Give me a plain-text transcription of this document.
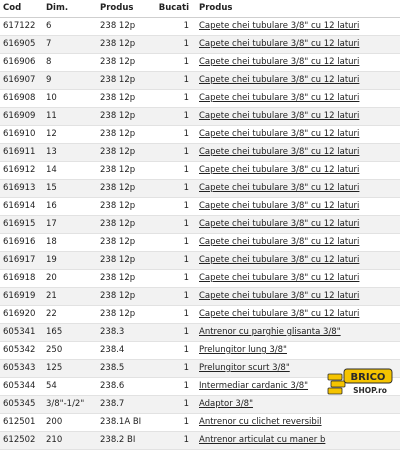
Cod	Dim.	Produs	Bucati	Produs
617122	6	238 12p	1	Capete chei tubulare 3/8" cu 12 laturi
616905	7	238 12p	1	Capete chei tubulare 3/8" cu 12 laturi
616906	8	238 12p	1	Capete chei tubulare 3/8" cu 12 laturi
616907	9	238 12p	1	Capete chei tubulare 3/8" cu 12 laturi
616908	10	238 12p	1	Capete chei tubulare 3/8" cu 12 laturi
616909	11	238 12p	1	Capete chei tubulare 3/8" cu 12 laturi
616910	12	238 12p	1	Capete chei tubulare 3/8" cu 12 laturi
616911	13	238 12p	1	Capete chei tubulare 3/8" cu 12 laturi
616912	14	238 12p	1	Capete chei tubulare 3/8" cu 12 laturi
616913	15	238 12p	1	Capete chei tubulare 3/8" cu 12 laturi
616914	16	238 12p	1	Capete chei tubulare 3/8" cu 12 laturi
616915	17	238 12p	1	Capete chei tubulare 3/8" cu 12 laturi
616916	18	238 12p	1	Capete chei tubulare 3/8" cu 12 laturi
616917	19	238 12p	1	Capete chei tubulare 3/8" cu 12 laturi
616918	20	238 12p	1	Capete chei tubulare 3/8" cu 12 laturi
616919	21	238 12p	1	Capete chei tubulare 3/8" cu 12 laturi
616920	22	238 12p	1	Capete chei tubulare 3/8" cu 12 laturi
605341	165	238.3	1	Antrenor cu parghie glisanta 3/8"
605342	250	238.4	1	Prelungitor lung 3/8"
605343	125	238.5	1	Prelungitor scurt 3/8"
605344	54	238.6	1	Intermediar cardanic 3/8"
605345	3/8"-1/2"	238.7	1	Adaptor 3/8"
612501	200	238.1A BI	1	Antrenor cu clichet reversibil
612502	210	238.2 BI	1	Antrenor articulat cu maner b
BRICO
SHOP.ro
